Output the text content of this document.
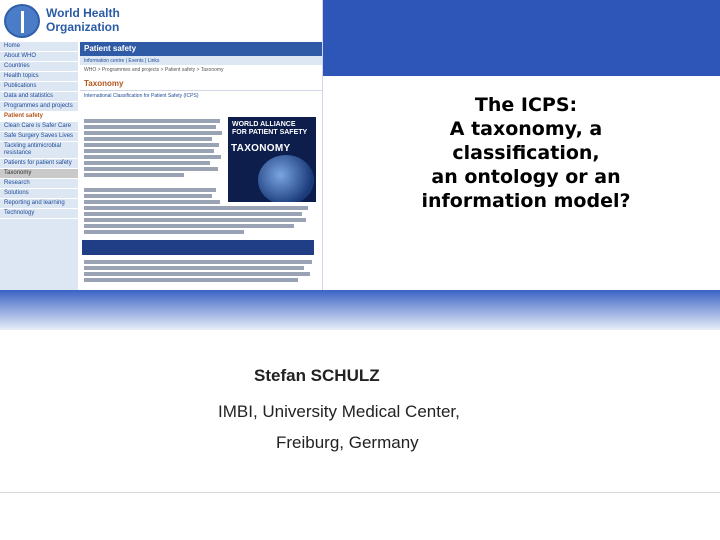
World Health
Organization
Home
About WHO
Countries
Health topics
Publications
Data and statistics
Programmes and projects
Patient safety
Clean Care is Safer Care
Safe Surgery Saves Lives
Tackling antimicrobial resistance
Patients for patient safety
Taxonomy
Research
Solutions
Reporting and learning
Technology
Patient safety
Information centre | Events | Links
WHO > Programmes and projects > Patient safety > Taxonomy
Taxonomy
International Classification for Patient Safety (ICPS)
WORLD ALLIANCE FOR PATIENT SAFETY
TAXONOMY
The ICPS:
A taxonomy, a
classification,
an ontology or an
information model?
Stefan SCHULZ
IMBI, University Medical Center,
Freiburg, Germany
